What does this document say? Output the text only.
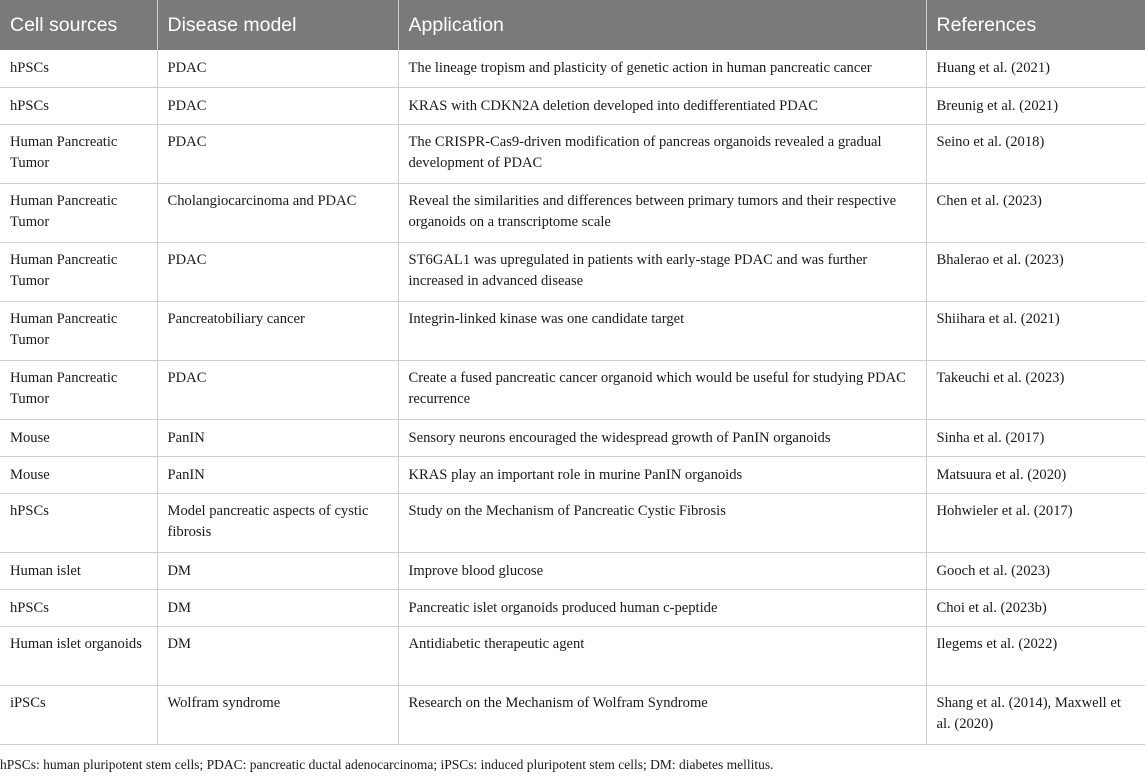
Cell sources	Disease model	Application	References
hPSCs	PDAC	The lineage tropism and plasticity of genetic action in human pancreatic cancer	Huang et al. (2021)
hPSCs	PDAC	KRAS with CDKN2A deletion developed into dedifferentiated PDAC	Breunig et al. (2021)
Human Pancreatic Tumor	PDAC	The CRISPR-Cas9-driven modification of pancreas organoids revealed a gradual development of PDAC	Seino et al. (2018)
Human Pancreatic Tumor	Cholangiocarcinoma and PDAC	Reveal the similarities and differences between primary tumors and their respective organoids on a transcriptome scale	Chen et al. (2023)
Human Pancreatic Tumor	PDAC	ST6GAL1 was upregulated in patients with early-stage PDAC and was further increased in advanced disease	Bhalerao et al. (2023)
Human Pancreatic Tumor	Pancreatobiliary cancer	Integrin-linked kinase was one candidate target	Shiihara et al. (2021)
Human Pancreatic Tumor	PDAC	Create a fused pancreatic cancer organoid which would be useful for studying PDAC recurrence	Takeuchi et al. (2023)
Mouse	PanIN	Sensory neurons encouraged the widespread growth of PanIN organoids	Sinha et al. (2017)
Mouse	PanIN	KRAS play an important role in murine PanIN organoids	Matsuura et al. (2020)
hPSCs	Model pancreatic aspects of cystic fibrosis	Study on the Mechanism of Pancreatic Cystic Fibrosis	Hohwieler et al. (2017)
Human islet	DM	Improve blood glucose	Gooch et al. (2023)
hPSCs	DM	Pancreatic islet organoids produced human c-peptide	Choi et al. (2023b)
Human islet organoids	DM	Antidiabetic therapeutic agent	Ilegems et al. (2022)
iPSCs	Wolfram syndrome	Research on the Mechanism of Wolfram Syndrome	Shang et al. (2014), Maxwell et al. (2020)
hPSCs: human pluripotent stem cells; PDAC: pancreatic ductal adenocarcinoma; iPSCs: induced pluripotent stem cells; DM: diabetes mellitus.
